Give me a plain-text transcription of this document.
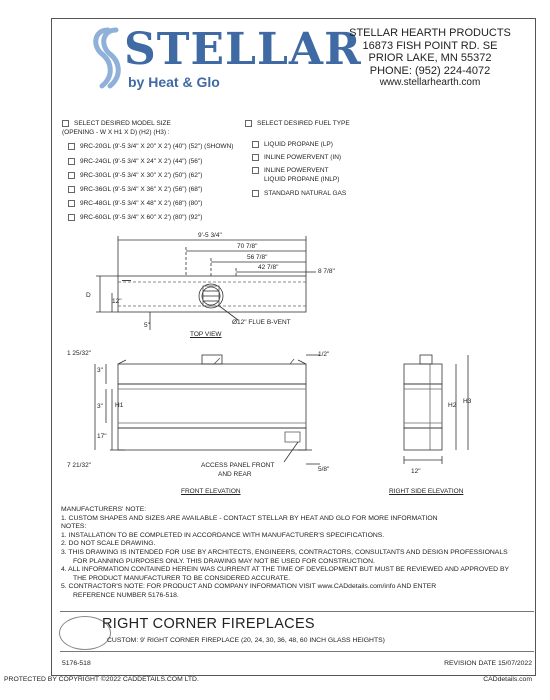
STELLAR
by Heat & Glo
STELLAR HEARTH PRODUCTS
16873 FISH POINT RD. SE
PRIOR LAKE, MN 55372
PHONE: (952) 224-4072
www.stellarhearth.com
SELECT DESIRED MODEL SIZE
(OPENING - W X H1 X D) (H2) (H3) :
9RC-20GL (9'-5 3/4" X 20" X 2') (40") (52") (SHOWN)
9RC-24GL (9'-5 3/4" X 24" X 2') (44") (56")
9RC-30GL (9'-5 3/4" X 30" X 2') (50") (62")
9RC-36GL (9'-5 3/4" X 36" X 2') (56") (68")
9RC-48GL (9'-5 3/4" X 48" X 2') (68") (80")
9RC-60GL (9'-5 3/4" X 60" X 2') (80") (92")
SELECT DESIRED FUEL TYPE
LIQUID PROPANE (LP)
INLINE POWERVENT (IN)
INLINE POWERVENT
LIQUID PROPANE (INLP)
STANDARD NATURAL GAS
▬▬▬
9'-5 3/4"
70 7/8"
56 7/8"
42 7/8"
8 7/8"
D
12"
5"	Ø12" FLUE B-VENT
TOP VIEW
1 25/32"	1/2"
3"
3" H1
17"
7 21/32"
5/8"
ACCESS PANEL FRONT
AND REAR
FRONT ELEVATION
H2
H3
12"
RIGHT SIDE ELEVATION
MANUFACTURERS' NOTE:
1. CUSTOM SHAPES AND SIZES ARE AVAILABLE - CONTACT STELLAR BY HEAT AND GLO FOR MORE INFORMATION
NOTES:
1. INSTALLATION TO BE COMPLETED IN ACCORDANCE WITH MANUFACTURER'S SPECIFICATIONS.
2. DO NOT SCALE DRAWING.
3. THIS DRAWING IS INTENDED FOR USE BY ARCHITECTS, ENGINEERS, CONTRACTORS, CONSULTANTS AND DESIGN PROFESSIONALS
FOR PLANNING PURPOSES ONLY. THIS DRAWING MAY NOT BE USED FOR CONSTRUCTION.
4. ALL INFORMATION CONTAINED HEREIN WAS CURRENT AT THE TIME OF DEVELOPMENT BUT MUST BE REVIEWED AND APPROVED BY
THE PRODUCT MANUFACTURER TO BE CONSIDERED ACCURATE.
5. CONTRACTOR'S NOTE: FOR PRODUCT AND COMPANY INFORMATION VISIT www.CADdetails.com/info AND ENTER
REFERENCE NUMBER 5176-518.
RIGHT CORNER FIREPLACES
CUSTOM: 9' RIGHT CORNER FIREPLACE (20, 24, 30, 36, 48, 60 INCH GLASS HEIGHTS)
5176-518	REVISION DATE 15/07/2022
PROTECTED BY COPYRIGHT ©2022 CADDETAILS.COM LTD.	CADdetails.com
